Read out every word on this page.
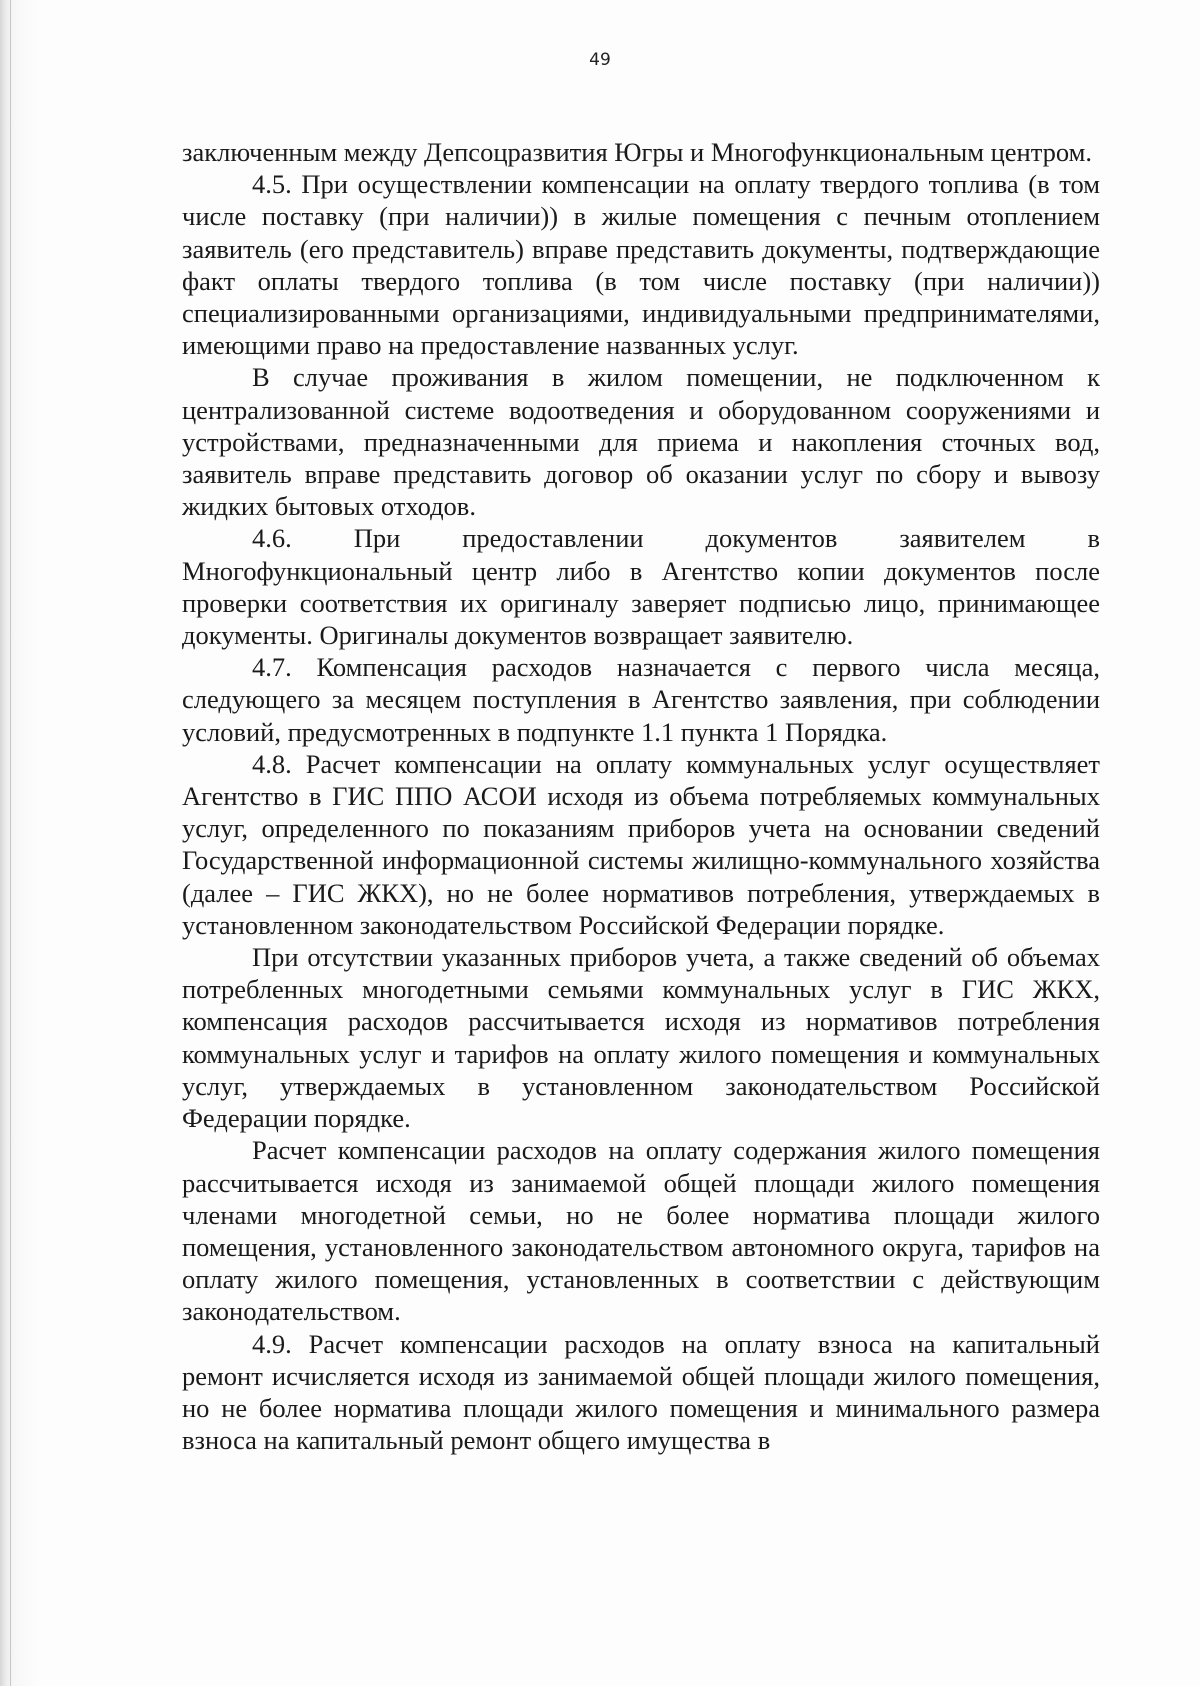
49

заключенным между Депсоцразвития Югры и Многофункциональным центром.

4.5. При осуществлении компенсации на оплату твердого топлива (в том числе поставку (при наличии)) в жилые помещения с печным отоплением заявитель (его представитель) вправе представить документы, подтверждающие факт оплаты твердого топлива (в том числе поставку (при наличии)) специализированными организациями, индивидуальными предпринимателями, имеющими право на предоставление названных услуг.

В случае проживания в жилом помещении, не подключенном к централизованной системе водоотведения и оборудованном сооружениями и устройствами, предназначенными для приема и накопления сточных вод, заявитель вправе представить договор об оказании услуг по сбору и вывозу жидких бытовых отходов.

4.6. При предоставлении документов заявителем в Многофункциональный центр либо в Агентство копии документов после проверки соответствия их оригиналу заверяет подписью лицо, принимающее документы. Оригиналы документов возвращает заявителю.

4.7. Компенсация расходов назначается с первого числа месяца, следующего за месяцем поступления в Агентство заявления, при соблюдении условий, предусмотренных в подпункте 1.1 пункта 1 Порядка.

4.8. Расчет компенсации на оплату коммунальных услуг осуществляет Агентство в ГИС ППО АСОИ исходя из объема потребляемых коммунальных услуг, определенного по показаниям приборов учета на основании сведений Государственной информационной системы жилищно-коммунального хозяйства (далее – ГИС ЖКХ), но не более нормативов потребления, утверждаемых в установленном законодательством Российской Федерации порядке.

При отсутствии указанных приборов учета, а также сведений об объемах потребленных многодетными семьями коммунальных услуг в ГИС ЖКХ, компенсация расходов рассчитывается исходя из нормативов потребления коммунальных услуг и тарифов на оплату жилого помещения и коммунальных услуг, утверждаемых в установленном законодательством Российской Федерации порядке.

Расчет компенсации расходов на оплату содержания жилого помещения рассчитывается исходя из занимаемой общей площади жилого помещения членами многодетной семьи, но не более норматива площади жилого помещения, установленного законодательством автономного округа, тарифов на оплату жилого помещения, установленных в соответствии с действующим законодательством.

4.9. Расчет компенсации расходов на оплату взноса на капитальный ремонт исчисляется исходя из занимаемой общей площади жилого помещения, но не более норматива площади жилого помещения и минимального размера взноса на капитальный ремонт общего имущества в
